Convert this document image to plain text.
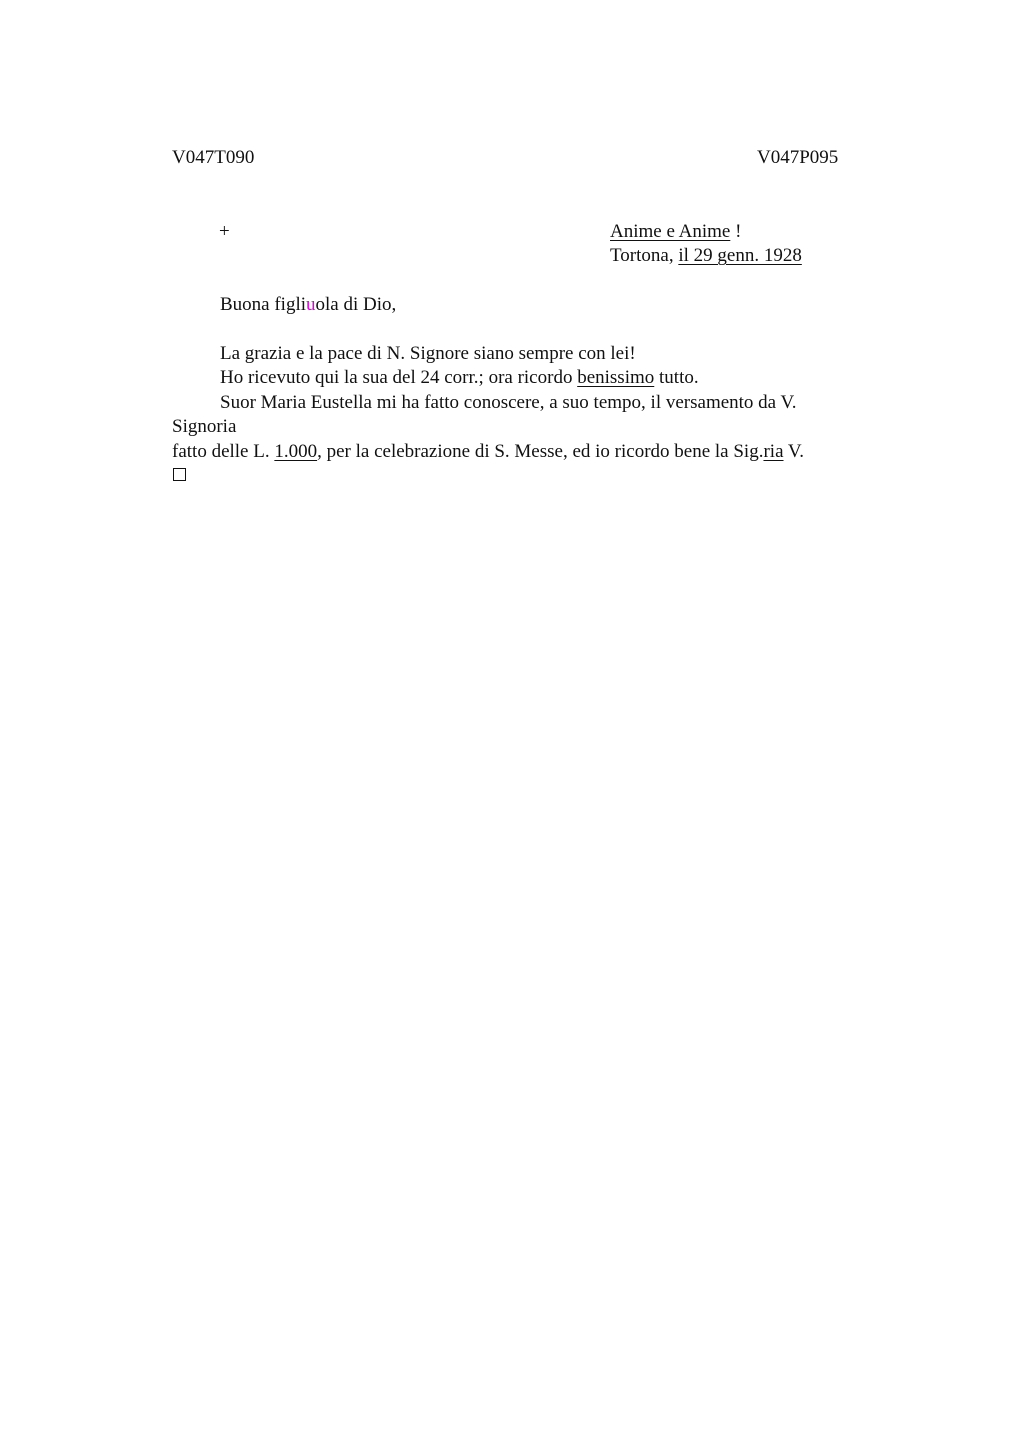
V047T090	V047P095
+	Anime e Anime !
Tortona, il 29 genn. 1928
Buona figliuola di Dio,
La grazia e la pace di N. Signore siano sempre con lei!
Ho ricevuto qui la sua del 24 corr.; ora ricordo benissimo tutto.
Suor Maria Eustella mi ha fatto conoscere, a suo tempo, il versamento da V.
Signoria
fatto delle L. 1.000, per la celebrazione di S. Messe, ed io ricordo bene la Sig.ria V.
